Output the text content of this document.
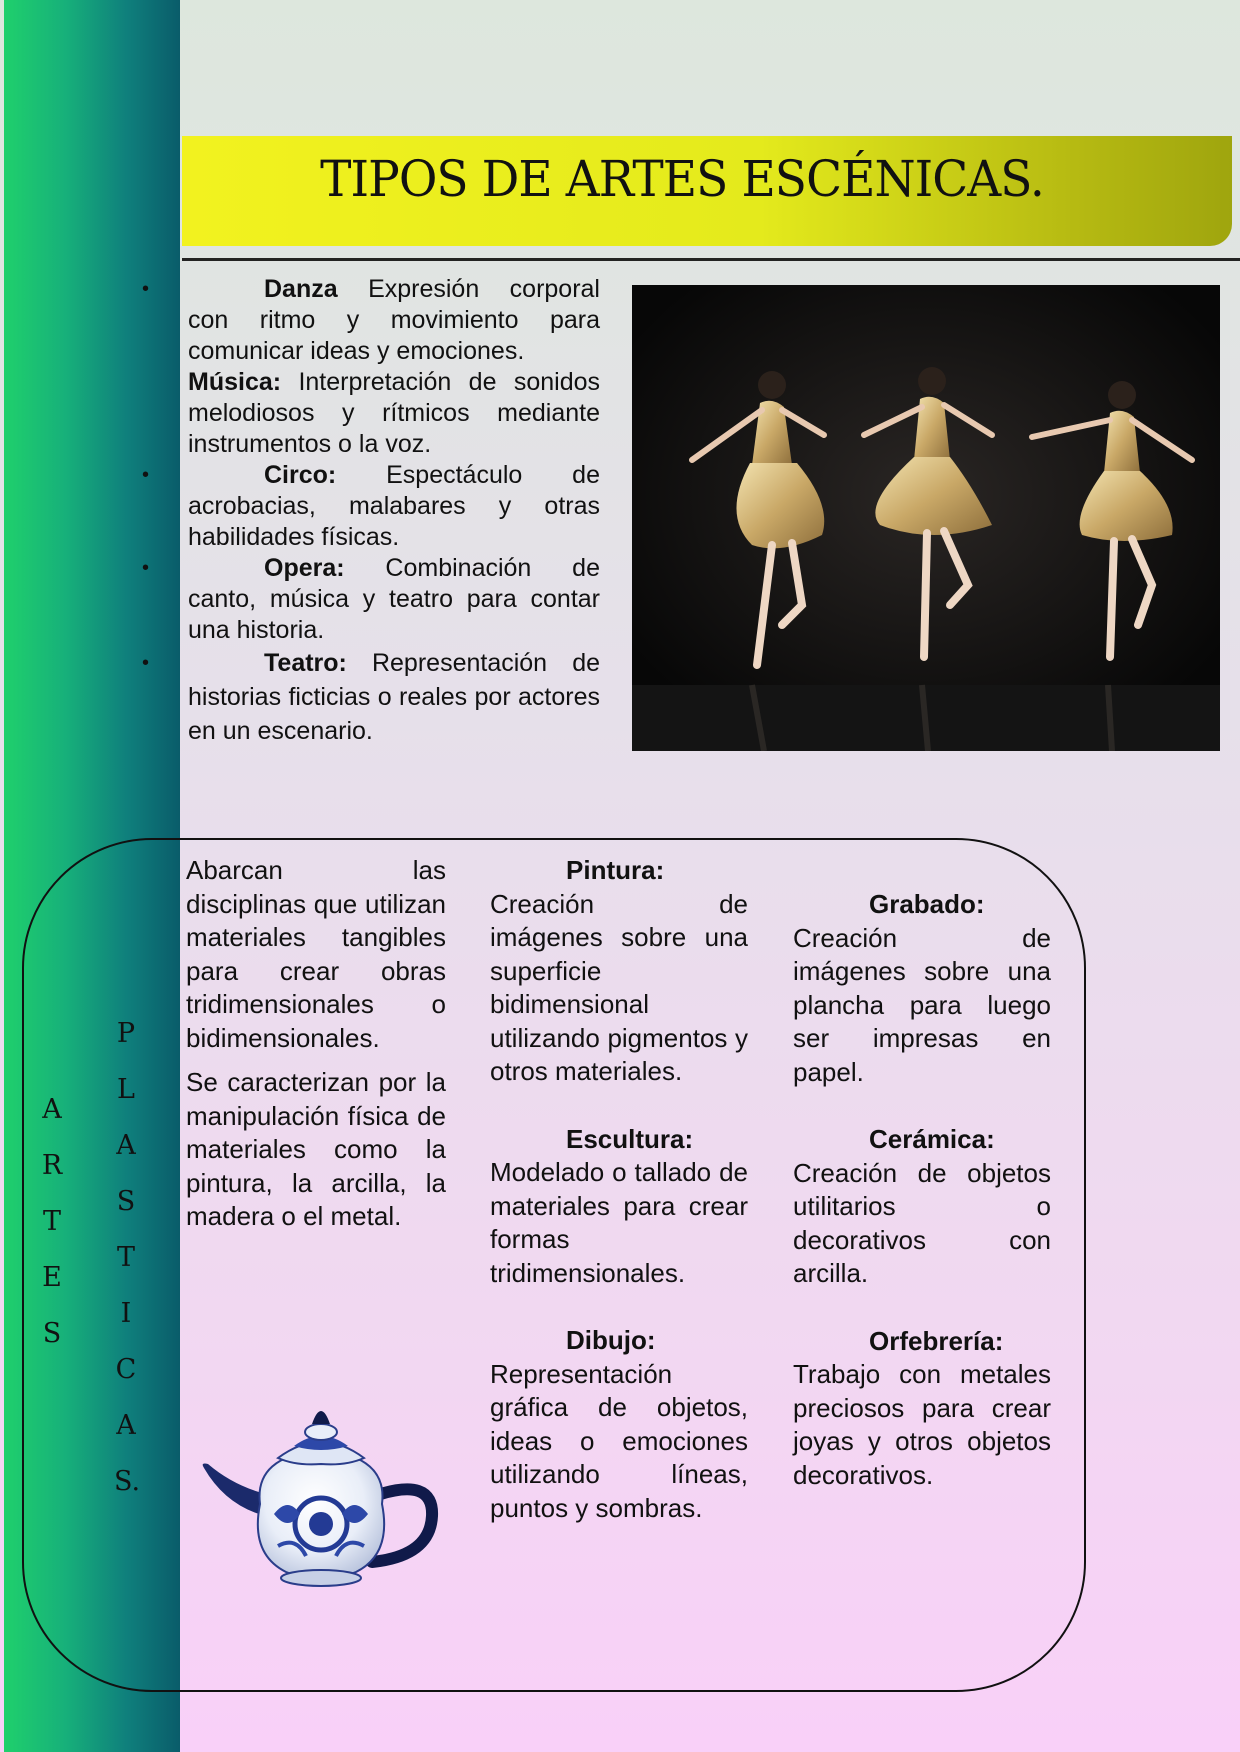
TIPOS DE ARTES ESCÉNICAS.
•	Danza Expresión corporal con ritmo y movimiento para comunicar ideas y emociones.
Música: Interpretación de sonidos melodiosos y rítmicos mediante instrumentos o la voz.
•	Circo: Espectáculo de acrobacias, malabares y otras habilidades físicas.
•	Opera: Combinación de canto, música y teatro para contar una historia.
•	Teatro: Representación de historias ficticias o reales por actores en un escenario.
A
R
T
E
S
P
L
A
S
T
I
C
A
S.

Abarcan las disciplinas que utilizan materiales tangibles para crear obras tridimensionales o bidimensionales.

Se caracterizan por la manipulación física de materiales como la pintura, la arcilla, la madera o el metal.

Pintura:
Creación de imágenes sobre una superficie bidimensional utilizando pigmentos y otros materiales.

Escultura:
Modelado o tallado de materiales para crear formas tridimensionales.

Dibujo:
Representación gráfica de objetos, ideas o emociones utilizando líneas, puntos y sombras.

Grabado:
Creación de imágenes sobre una plancha para luego ser impresas en papel.

Cerámica:
Creación de objetos utilitarios o decorativos con arcilla.

Orfebrería:
Trabajo con metales preciosos para crear joyas y otros objetos decorativos.
